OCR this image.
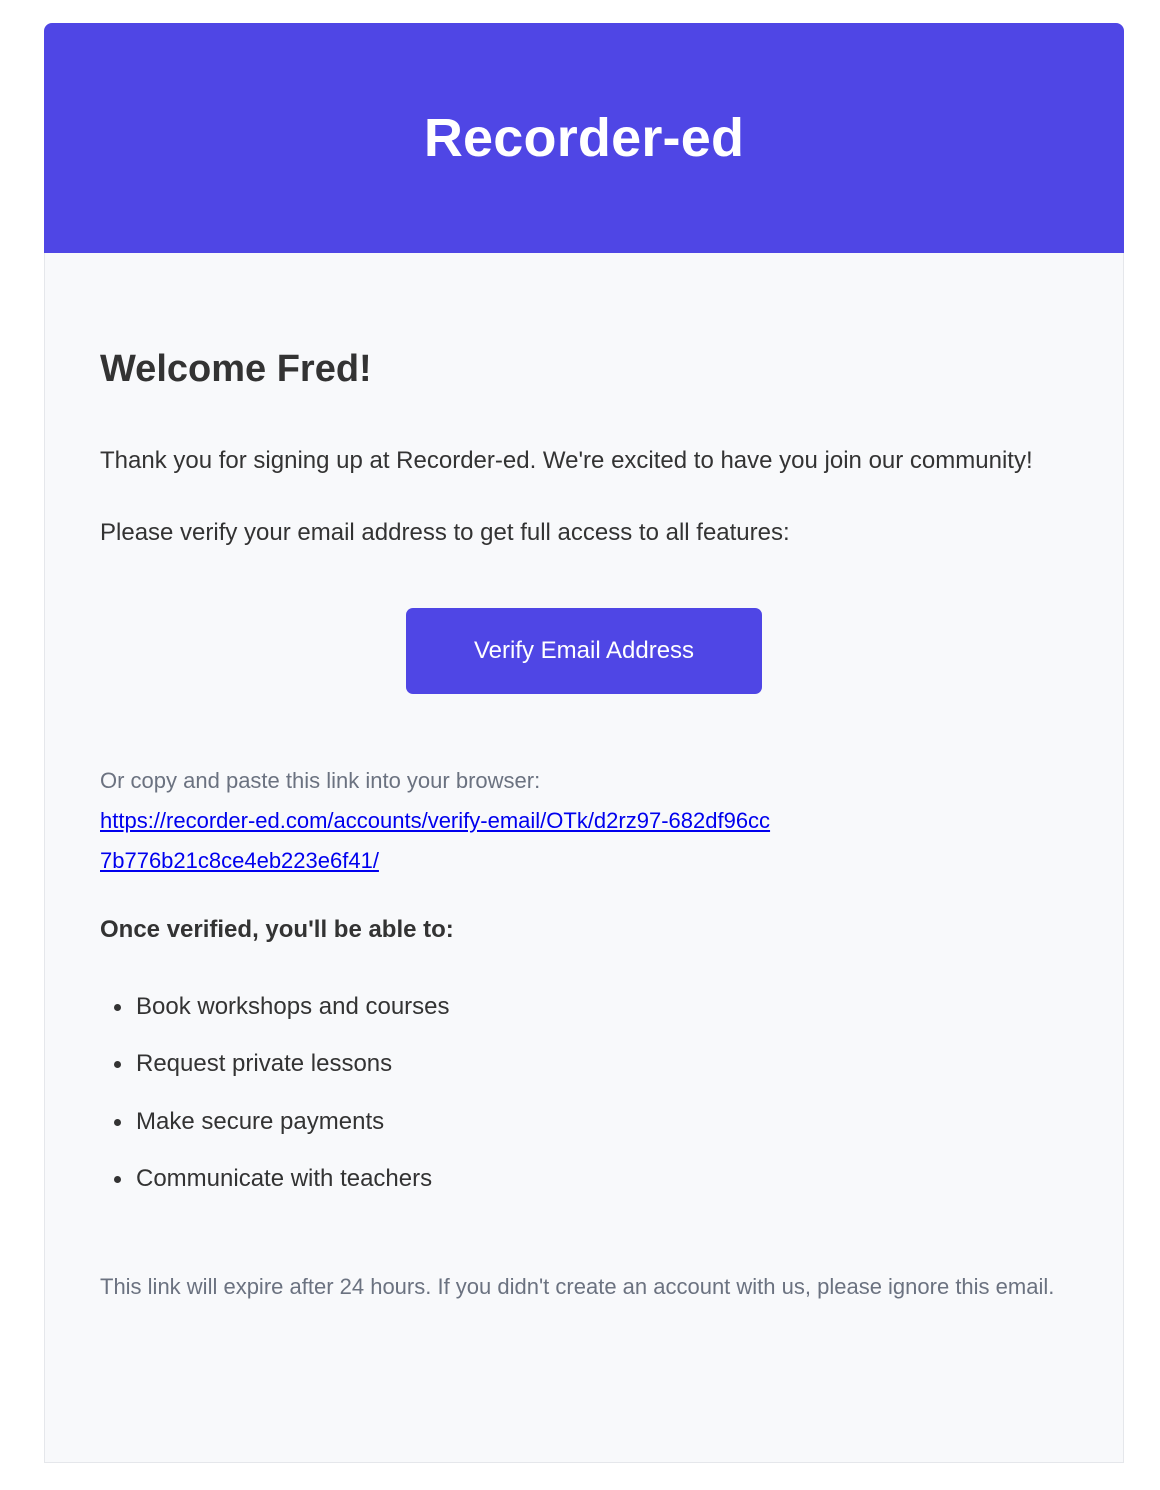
Recorder-ed
Welcome Fred!

Thank you for signing up at Recorder-ed. We're excited to have you join our community!

Please verify your email address to get full access to all features:

Verify Email Address
Or copy and paste this link into your browser:
https://recorder-ed.com/accounts/verify-email/OTk/d2rz97-682df96cc7b776b21c8ce4eb223e6f41/
Once verified, you'll be able to:
Book workshops and courses
Request private lessons
Make secure payments
Communicate with teachers
This link will expire after 24 hours. If you didn't create an account with us, please ignore this email.
